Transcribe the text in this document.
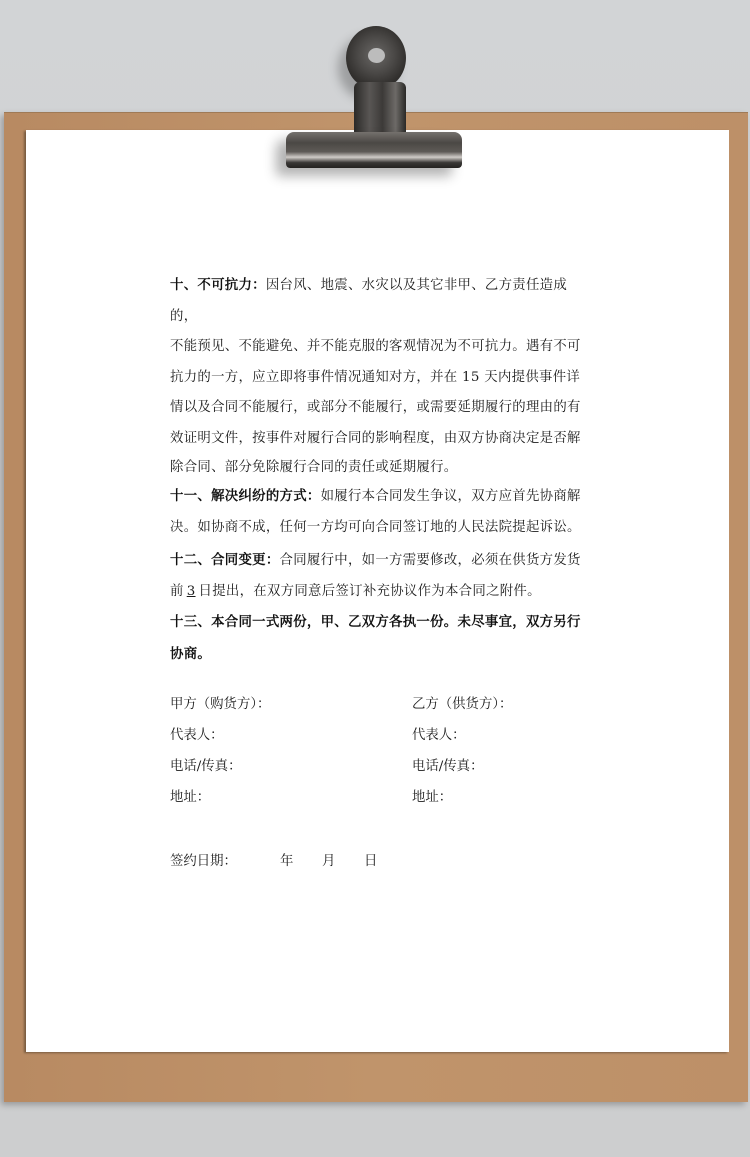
十、不可抗力：因台风、地震、水灾以及其它非甲、乙方责任造成的，

不能预见、不能避免、并不能克服的客观情况为不可抗力。遇有不可

抗力的一方，应立即将事件情况通知对方，并在 15 天内提供事件详

情以及合同不能履行，或部分不能履行，或需要延期履行的理由的有

效证明文件，按事件对履行合同的影响程度，由双方协商决定是否解

除合同、部分免除履行合同的责任或延期履行。

十一、解决纠纷的方式：如履行本合同发生争议，双方应首先协商解

决。如协商不成，任何一方均可向合同签订地的人民法院提起诉讼。

十二、合同变更：合同履行中，如一方需要修改，必须在供货方发货

前 3 日提出，在双方同意后签订补充协议作为本合同之附件。

十三、本合同一式两份，甲、乙双方各执一份。未尽事宜，双方另行

协商。

甲方（购货方）：	乙方（供货方）：
代表人：	代表人：
电话/传真：	电话/传真：
地址：	地址：
签约日期：	年	月	日
